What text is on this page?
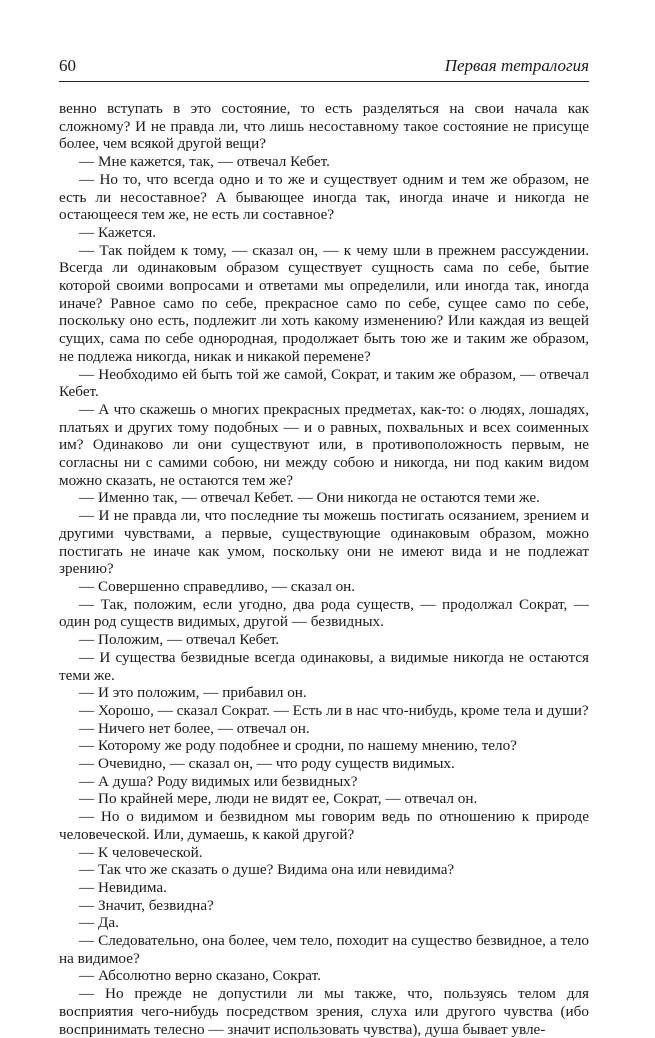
60	Первая тетралогия

венно вступать в это состояние, то есть разделяться на свои начала как сложному? И не правда ли, что лишь несоставному такое состояние не присуще более, чем всякой другой вещи?

— Мне кажется, так, — отвечал Кебет.

— Но то, что всегда одно и то же и существует одним и тем же образом, не есть ли несоставное? А бывающее иногда так, иногда иначе и никогда не остающееся тем же, не есть ли составное?

— Кажется.

— Так пойдем к тому, — сказал он, — к чему шли в прежнем рассуждении. Всегда ли одинаковым образом существует сущность сама по себе, бытие которой своими вопросами и ответами мы определили, или иногда так, иногда иначе? Равное само по себе, прекрасное само по себе, сущее само по себе, поскольку оно есть, подлежит ли хоть какому изменению? Или каждая из вещей сущих, сама по себе однородная, продолжает быть тою же и таким же образом, не подлежа никогда, никак и никакой перемене?

— Необходимо ей быть той же самой, Сократ, и таким же образом, — отвечал Кебет.

— А что скажешь о многих прекрасных предметах, как-то: о людях, лошадях, платьях и других тому подобных — и о равных, похвальных и всех соименных им? Одинаково ли они существуют или, в противоположность первым, не согласны ни с самими собою, ни между собою и никогда, ни под каким видом можно сказать, не остаются тем же?

— Именно так, — отвечал Кебет. — Они никогда не остаются теми же.

— И не правда ли, что последние ты можешь постигать осязанием, зрением и другими чувствами, а первые, существующие одинаковым образом, можно постигать не иначе как умом, поскольку они не имеют вида и не подлежат зрению?

— Совершенно справедливо, — сказал он.

— Так, положим, если угодно, два рода существ, — продолжал Сократ, — один род существ видимых, другой — безвидных.

— Положим, — отвечал Кебет.

— И существа безвидные всегда одинаковы, а видимые никогда не остаются теми же.

— И это положим, — прибавил он.

— Хорошо, — сказал Сократ. — Есть ли в нас что-нибудь, кроме тела и души?

— Ничего нет более, — отвечал он.

— Которому же роду подобнее и сродни, по нашему мнению, тело?

— Очевидно, — сказал он, — что роду существ видимых.

— А душа? Роду видимых или безвидных?

— По крайней мере, люди не видят ее, Сократ, — отвечал он.

— Но о видимом и безвидном мы говорим ведь по отношению к природе человеческой. Или, думаешь, к какой другой?

— К человеческой.

— Так что же сказать о душе? Видима она или невидима?

— Невидима.

— Значит, безвидна?

— Да.

— Следовательно, она более, чем тело, походит на существо безвидное, а тело на видимое?

— Абсолютно верно сказано, Сократ.

— Но прежде не допустили ли мы также, что, пользуясь телом для восприятия чего-нибудь посредством зрения, слуха или другого чувства (ибо воспринимать телесно — значит использовать чувства), душа бывает увле-
